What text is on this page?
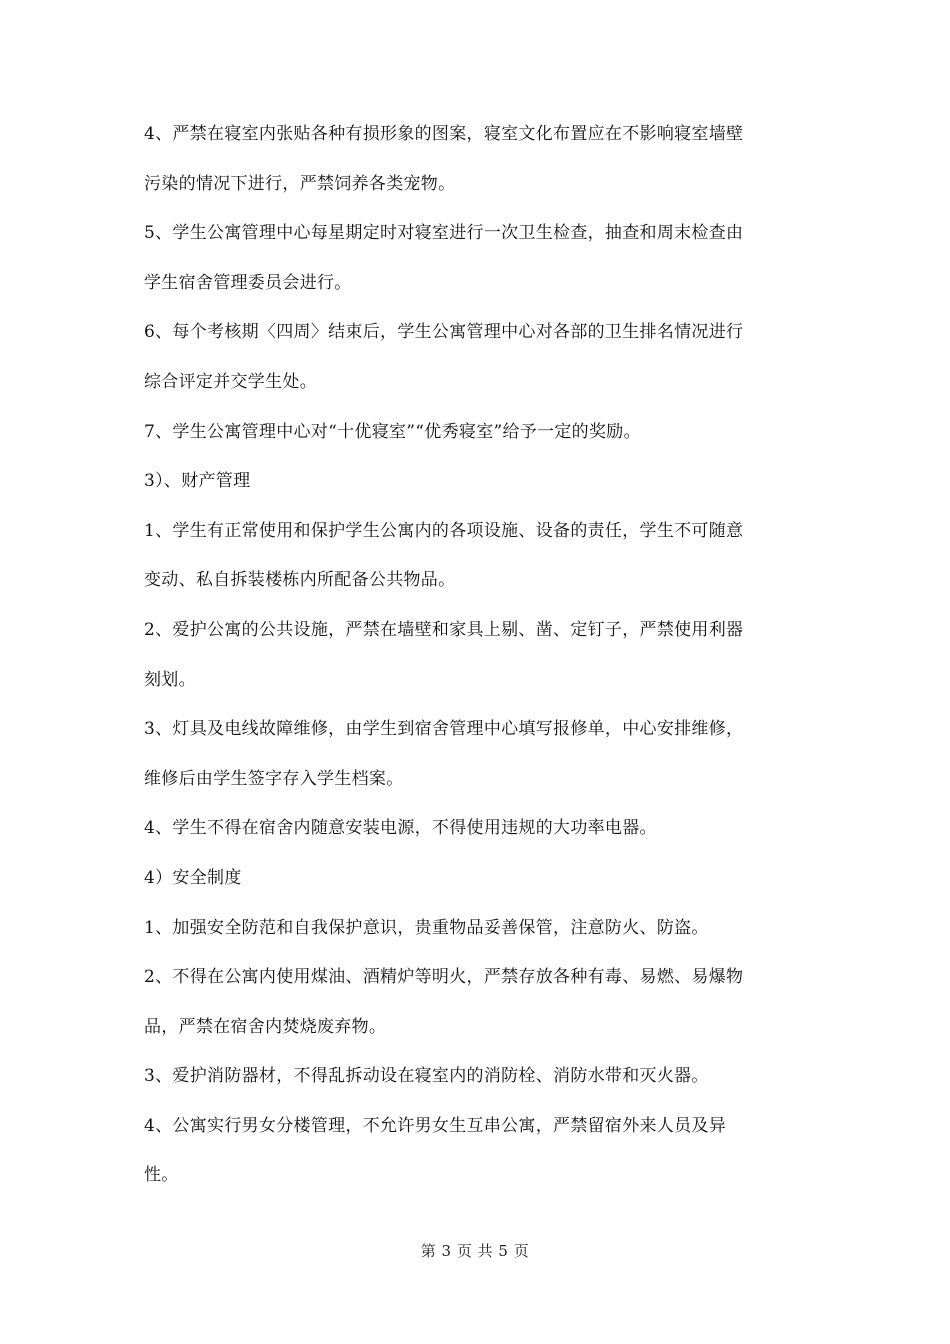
4、严禁在寝室内张贴各种有损形象的图案，寝室文化布置应在不影响寝室墙壁
污染的情况下进行，严禁饲养各类宠物。
5、学生公寓管理中心每星期定时对寝室进行一次卫生检查，抽查和周末检查由
学生宿舍管理委员会进行。
6、每个考核期〈四周〉结束后，学生公寓管理中心对各部的卫生排名情况进行
综合评定并交学生处。
7、学生公寓管理中心对“十优寝室”“优秀寝室”给予一定的奖励。
3）、财产管理
1、学生有正常使用和保护学生公寓内的各项设施、设备的责任，学生不可随意
变动、私自拆装楼栋内所配备公共物品。
2、爱护公寓的公共设施，严禁在墙壁和家具上剔、凿、定钉子，严禁使用利器
刻划。
3、灯具及电线故障维修，由学生到宿舍管理中心填写报修单，中心安排维修，
维修后由学生签字存入学生档案。
4、学生不得在宿舍内随意安装电源，不得使用违规的大功率电器。
4）安全制度
1、加强安全防范和自我保护意识，贵重物品妥善保管，注意防火、防盗。
2、不得在公寓内使用煤油、酒精炉等明火，严禁存放各种有毒、易燃、易爆物
品，严禁在宿舍内焚烧废弃物。
3、爱护消防器材，不得乱拆动设在寝室内的消防栓、消防水带和灭火器。
4、公寓实行男女分楼管理，不允许男女生互串公寓，严禁留宿外来人员及异
性。
第 3 页 共 5 页
